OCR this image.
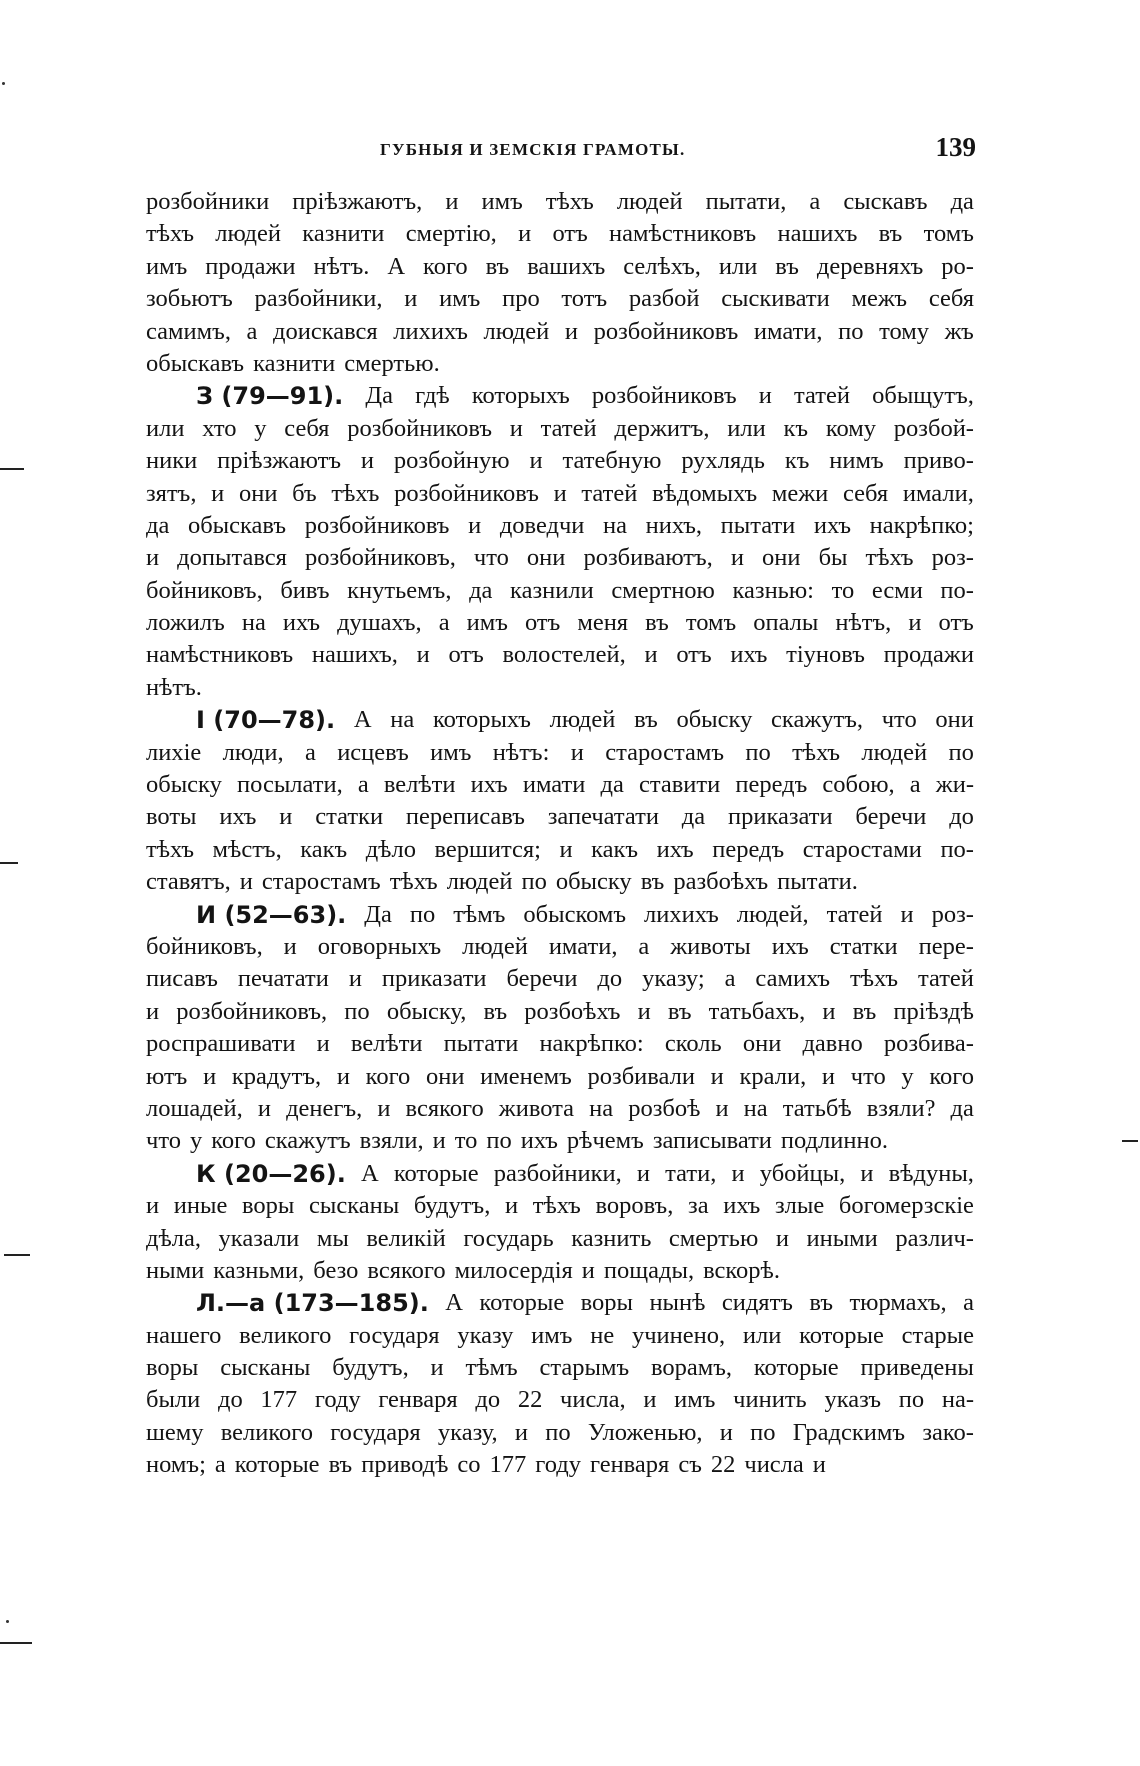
ГУБНЫЯ И ЗЕМСКІЯ ГРАМОТЫ.	139
розбойники пріѣзжаютъ, и имъ тѣхъ людей пытати, а сыскавъ да
тѣхъ людей казнити смертію, и отъ намѣстниковъ нашихъ въ томъ
имъ продажи нѣтъ. А кого въ вашихъ селѣхъ, или въ деревняхъ ро-
зобьютъ разбойники, и имъ про тотъ разбой сыскивати межъ себя
самимъ, а доискався лихихъ людей и розбойниковъ имати, по тому жъ
обыскавъ казнити смертью.
З (79—91). Да гдѣ которыхъ розбойниковъ и татей обыщутъ,
или хто у себя розбойниковъ и татей держитъ, или къ кому розбой-
ники пріѣзжаютъ и розбойную и татебную рухлядь къ нимъ приво-
зятъ, и они бъ тѣхъ розбойниковъ и татей вѣдомыхъ межи себя имали,
да обыскавъ розбойниковъ и доведчи на нихъ, пытати ихъ накрѣпко;
и допытався розбойниковъ, что они розбиваютъ, и они бы тѣхъ роз-
бойниковъ, бивъ кнутьемъ, да казнили смертною казнью: то есми по-
ложилъ на ихъ душахъ, а имъ отъ меня въ томъ опалы нѣтъ, и отъ
намѣстниковъ нашихъ, и отъ волостелей, и отъ ихъ тіуновъ продажи
нѣтъ.
I (70—78). А на которыхъ людей въ обыску скажутъ, что они
лихіе люди, а исцевъ имъ нѣтъ: и старостамъ по тѣхъ людей по
обыску посылати, а велѣти ихъ имати да ставити передъ собою, а жи-
воты ихъ и статки переписавъ запечатати да приказати беречи до
тѣхъ мѣстъ, какъ дѣло вершится; и какъ ихъ передъ старостами по-
ставятъ, и старостамъ тѣхъ людей по обыску въ разбоѣхъ пытати.
И (52—63). Да по тѣмъ обыскомъ лихихъ людей, татей и роз-
бойниковъ, и оговорныхъ людей имати, а животы ихъ статки пере-
писавъ печатати и приказати беречи до указу; а самихъ тѣхъ татей
и розбойниковъ, по обыску, въ розбоѣхъ и въ татьбахъ, и въ пріѣздѣ
роспрашивати и велѣти пытати накрѣпко: сколь они давно розбива-
ютъ и крадутъ, и кого они именемъ розбивали и крали, и что у кого
лошадей, и денегъ, и всякого живота на розбоѣ и на татьбѣ взяли? да
что у кого скажутъ взяли, и то по ихъ рѣчемъ записывати подлинно.
К (20—26). А которые разбойники, и тати, и убойцы, и вѣдуны,
и иные воры сысканы будутъ, и тѣхъ воровъ, за ихъ злые богомерзскіе
дѣла, указали мы великій государь казнить смертью и иными различ-
ными казньми, безо всякого милосердія и пощады, вскорѣ.
Л.—а (173—185). А которые воры нынѣ сидятъ въ тюрмахъ, а
нашего великого государя указу имъ не учинено, или которые старые
воры сысканы будутъ, и тѣмъ старымъ ворамъ, которые приведены
были до 177 году генваря до 22 числа, и имъ чинить указъ по на-
шему великого государя указу, и по Уложенью, и по Градскимъ зако-
номъ; а которые въ приводѣ со 177 году генваря съ 22 числа и
